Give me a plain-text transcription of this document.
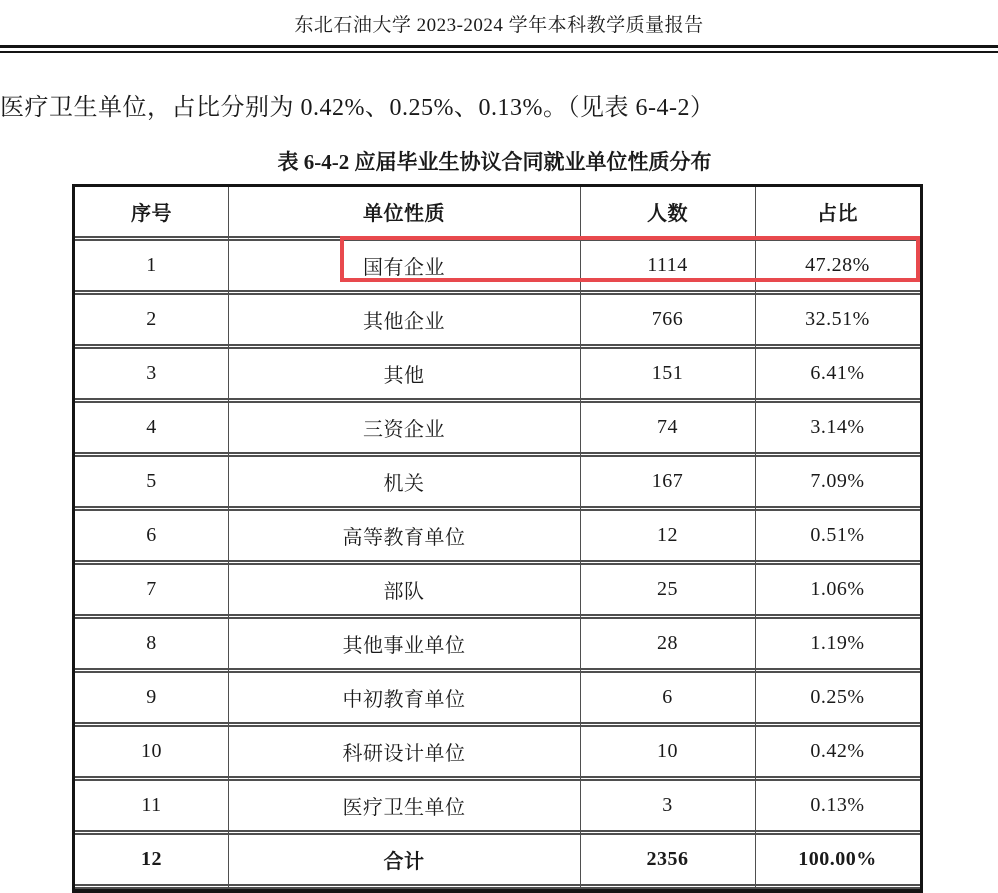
东北石油大学 2023-2024 学年本科教学质量报告

医疗卫生单位，占比分别为 0.42%、0.25%、0.13%。（见表 6-4-2）

表 6-4-2 应届毕业生协议合同就业单位性质分布
序号	单位性质	人数	占比
1	国有企业	1114	47.28%
2	其他企业	766	32.51%
3	其他	151	6.41%
4	三资企业	74	3.14%
5	机关	167	7.09%
6	高等教育单位	12	0.51%
7	部队	25	1.06%
8	其他事业单位	28	1.19%
9	中初教育单位	6	0.25%
10	科研设计单位	10	0.42%
11	医疗卫生单位	3	0.13%
12	合计	2356	100.00%
